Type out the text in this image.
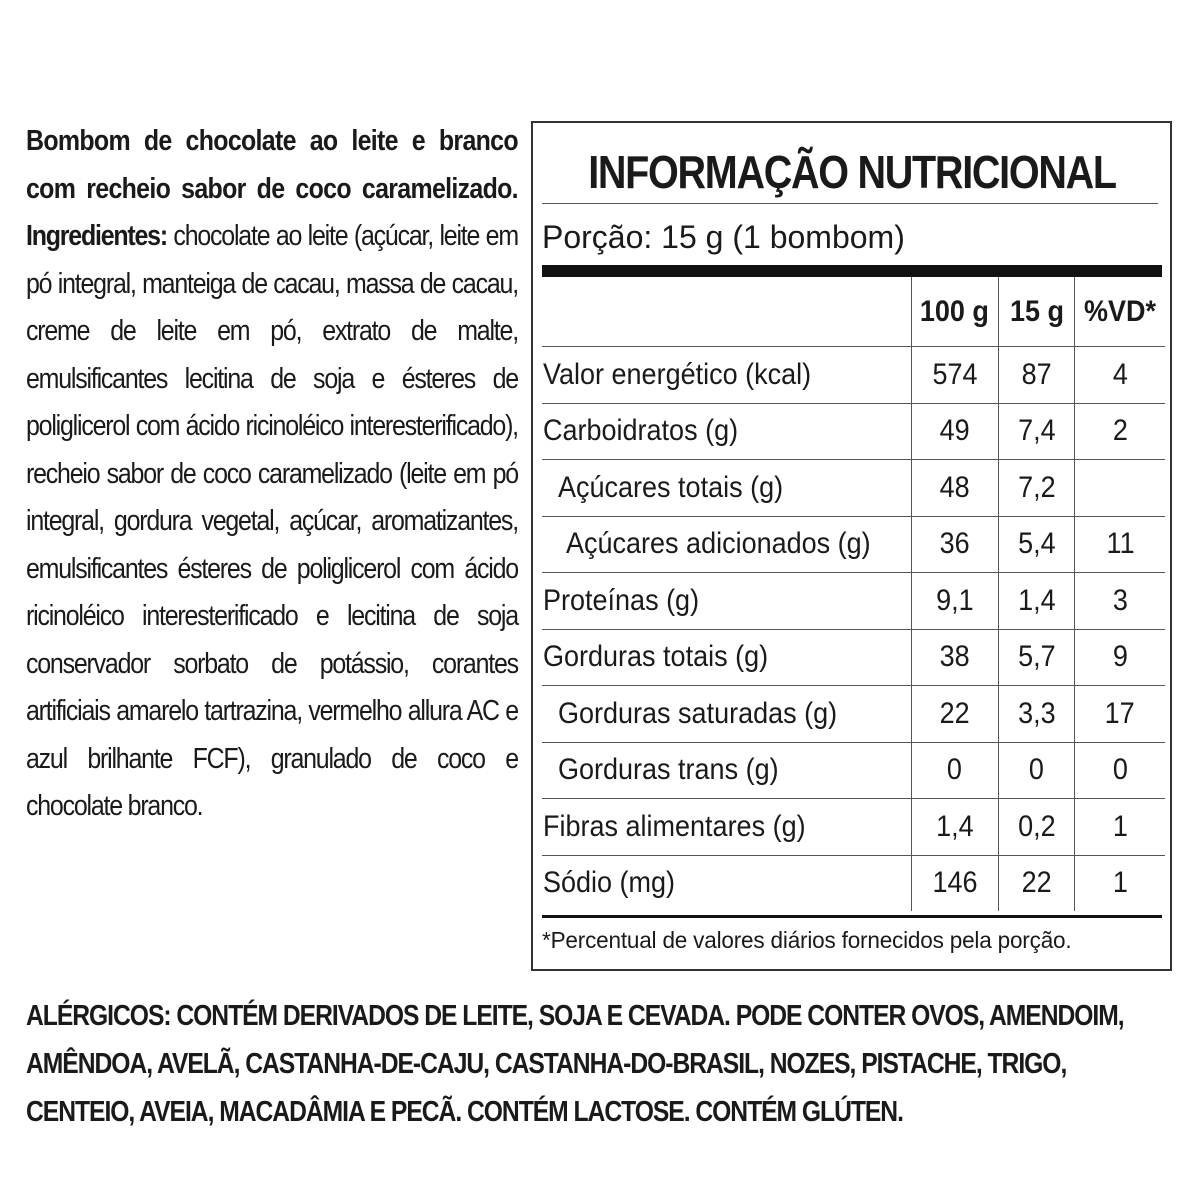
Bombom de chocolate ao leite e branco com recheio sabor de coco caramelizado. Ingredientes: chocolate ao leite (açúcar, leite em pó integral, manteiga de cacau, massa de cacau, creme de leite em pó, extrato de malte, emulsificantes lecitina de soja e ésteres de poliglicerol com ácido ricinoléico interesterificado), recheio sabor de coco caramelizado (leite em pó integral, gordura vegetal, açúcar, aromatizantes, emulsificantes ésteres de poliglicerol com ácido ricinoléico interesterificado e lecitina de soja conservador sorbato de potássio, corantes artificiais amarelo tartrazina, vermelho allura AC e azul brilhante FCF), granulado de coco e chocolate branco.
ALÉRGICOS: CONTÉM DERIVADOS DE LEITE, SOJA E CEVADA. PODE CONTER OVOS, AMENDOIM, AMÊNDOA, AVELÃ, CASTANHA-DE-CAJU, CASTANHA-DO-BRASIL, NOZES, PISTACHE, TRIGO, CENTEIO, AVEIA, MACADÂMIA E PECÃ. CONTÉM LACTOSE. CONTÉM GLÚTEN.
INFORMAÇÃO NUTRICIONAL
Porção: 15 g (1 bombom)
	100 g	15 g	%VD*
Valor energético (kcal)	574	87	4
Carboidratos (g)	49	7,4	2
Açúcares totais (g)	48	7,2	
Açúcares adicionados (g)	36	5,4	11
Proteínas (g)	9,1	1,4	3
Gorduras totais (g)	38	5,7	9
Gorduras saturadas (g)	22	3,3	17
Gorduras trans (g)	0	0	0
Fibras alimentares (g)	1,4	0,2	1
Sódio (mg)	146	22	1
*Percentual de valores diários fornecidos pela porção.
